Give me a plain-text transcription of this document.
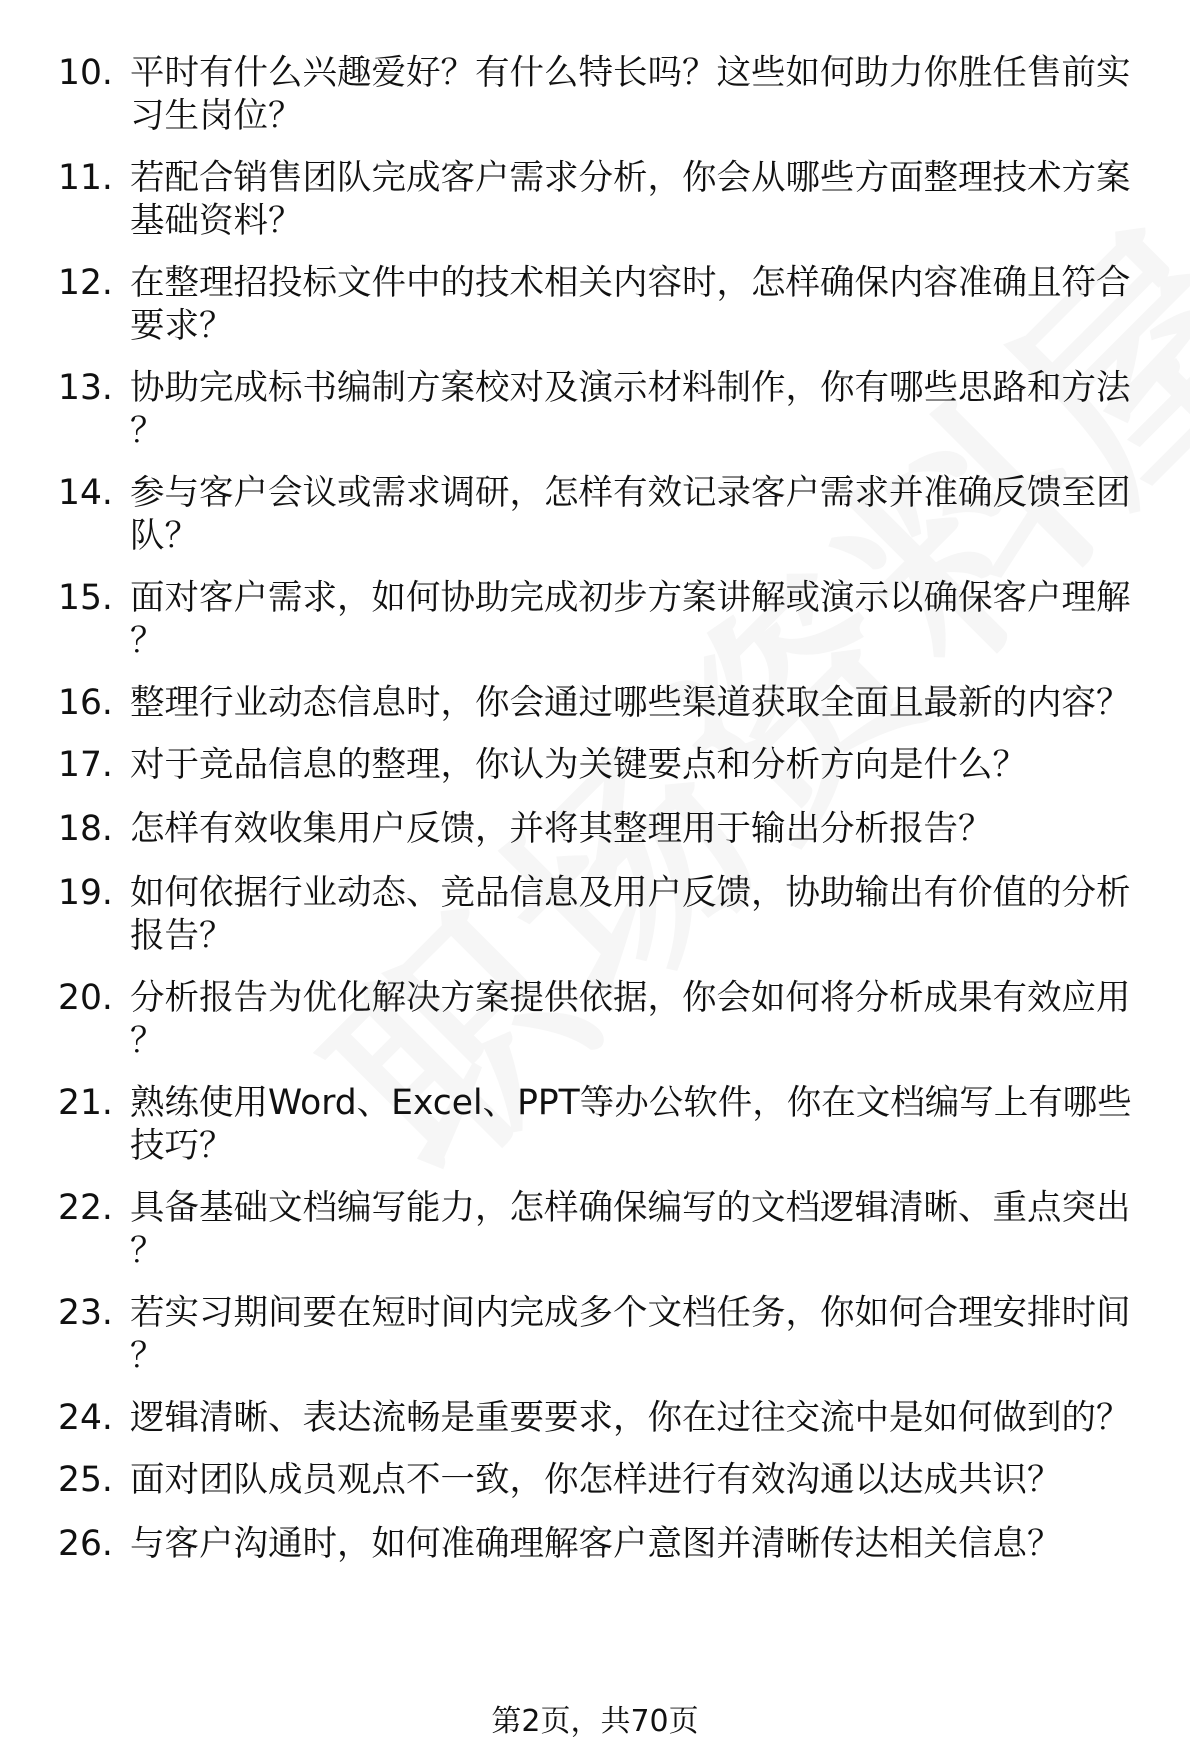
10. 平时有什么兴趣爱好？有什么特长吗？这些如何助力你胜任售前实习生岗位？
11. 若配合销售团队完成客户需求分析，你会从哪些方面整理技术方案基础资料？
12. 在整理招投标文件中的技术相关内容时，怎样确保内容准确且符合要求？
13. 协助完成标书编制方案校对及演示材料制作，你有哪些思路和方法？
14. 参与客户会议或需求调研，怎样有效记录客户需求并准确反馈至团队？
15. 面对客户需求，如何协助完成初步方案讲解或演示以确保客户理解？
16. 整理行业动态信息时，你会通过哪些渠道获取全面且最新的内容？
17. 对于竞品信息的整理，你认为关键要点和分析方向是什么？
18. 怎样有效收集用户反馈，并将其整理用于输出分析报告？
19. 如何依据行业动态、竞品信息及用户反馈，协助输出有价值的分析报告？
20. 分析报告为优化解决方案提供依据，你会如何将分析成果有效应用？
21. 熟练使用Word、Excel、PPT等办公软件，你在文档编写上有哪些技巧？
22. 具备基础文档编写能力，怎样确保编写的文档逻辑清晰、重点突出？
23. 若实习期间要在短时间内完成多个文档任务，你如何合理安排时间？
24. 逻辑清晰、表达流畅是重要要求，你在过往交流中是如何做到的？
25. 面对团队成员观点不一致，你怎样进行有效沟通以达成共识？
26. 与客户沟通时，如何准确理解客户意图并清晰传达相关信息？
第2页，共70页
